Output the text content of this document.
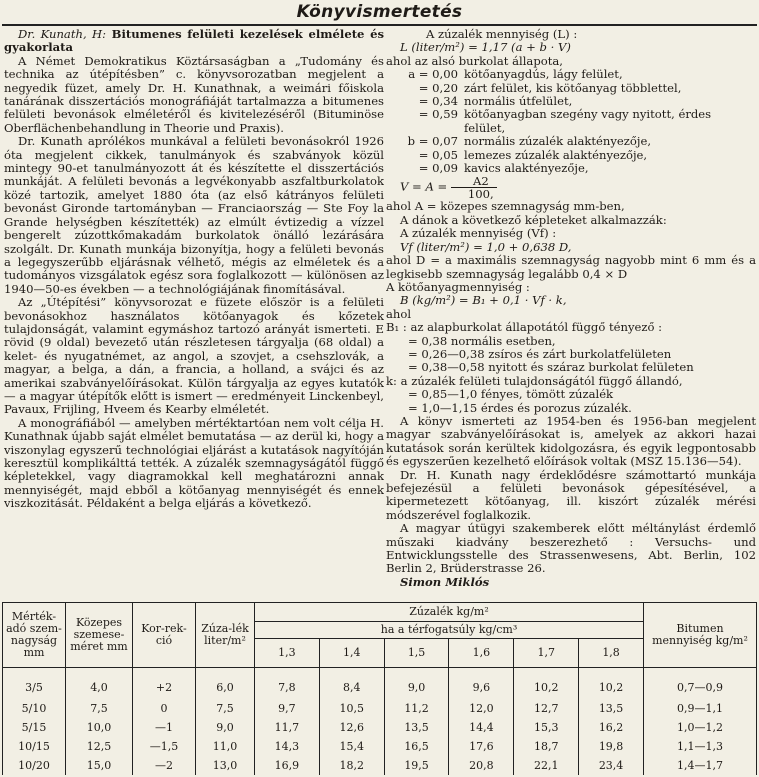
Könyvismertetés

Dr. Kunath, H: Bitumenes felületi kezelések elmélete és gyakorlata

A Német Demokratikus Köztársaságban a „Tudomány és technika az útépítésben” c. könyvsorozatban megjelent a negyedik füzet, amely Dr. H. Kunathnak, a weimári főiskola tanárának disszertációs monográfiáját tartalmazza a bitumenes felületi bevonások elméletéről és kivitelezéséről (Bituminöse Oberflächenbehandlung in Theorie und Praxis).

Dr. Kunath aprólékos munkával a felületi bevonásokról 1926 óta megjelent cikkek, tanulmányok és szabványok közül mintegy 90-et tanulmányozott át és készítette el disszertációs munkáját. A felületi bevonás a legvékonyabb aszfaltburkolatok közé tartozik, amelyet 1880 óta (az első kátrányos felületi bevonást Gironde tartományban — Franciaország — Ste Foy la Grande helységben készítették) az elmúlt évtizedig a vízzel bengerelt zúzottkőmakadám burkolatok önálló lezárására szolgált. Dr. Kunath munkája bizonyítja, hogy a felületi bevonás a legegyszerűbb eljárásnak vélhető, mégis az elméletek és a tudományos vizsgálatok egész sora foglalkozott — különösen az 1940—50-es években — a technológiájának finomításával.

Az „Útépítési” könyvsorozat e füzete először is a felületi bevonásokhoz használatos kötőanyagok és kőzetek tulajdonságát, valamint egymáshoz tartozó arányát ismerteti. E rövid (9 oldal) bevezető után részletesen tárgyalja (68 oldal) a kelet- és nyugatnémet, az angol, a szovjet, a csehszlovák, a magyar, a belga, a dán, a francia, a holland, a svájci és az amerikai szabványelőírásokat. Külön tárgyalja az egyes kutatók — a magyar útépítők előtt is ismert — eredményeit Linckenbeyl, Pavaux, Frijling, Hveem és Kearby elméletét.

A monográfiából — amelyben mértéktartóan nem volt célja H. Kunathnak újabb saját elmélet bemutatása — az derül ki, hogy a viszonylag egyszerű technológiai eljárást a kutatások nagyítóján keresztül komplikálttá tették. A zúzalék szemnagyságától függő képletekkel, vagy diagramokkal kell meghatározni annak mennyiségét, majd ebből a kötőanyag mennyiségét és ennek viszkozitását. Példaként a belga eljárás a következő.

A zúzalék mennyiség (L) :

L (liter/m²) = 1,17 (a + b · V)

ahol az alsó burkolat állapota,

a = 0,00 kötőanyagdús, lágy felület,
= 0,20 zárt felület, kis kötőanyag többlettel,
= 0,34 normális útfelület,
= 0,59 kötőanyagban szegény vagy nyitott, érdes felület,
b = 0,07 normális zúzalék alaktényezője,
= 0,05 lemezes zúzalék alaktényezője,
= 0,09 kavics alaktényezője,

$V = A = \frac{A2}{100,}$

ahol A = közepes szemnagyság mm-ben,

A dánok a következő képleteket alkalmazzák:

A zúzalék mennyiség (Vf) :

Vf (liter/m²) = 1,0 + 0,638 D,

ahol D = a maximális szemnagyság nagyobb mint 6 mm és a legkisebb szemnagyság legalább 0,4 × D

A kötőanyagmennyiség :

B (kg/m²) = B₁ + 0,1 · Vf · k,

ahol

B₁ : az alapburkolat állapotától függő tényező :

= 0,38 normális esetben,
= 0,26—0,38 zsíros és zárt burkolatfelületen
= 0,38—0,58 nyitott és száraz burkolat felületen

k: a zúzalék felületi tulajdonságától függő állandó,

= 0,85—1,0 fényes, tömött zúzalék
= 1,0—1,15 érdes és porozus zúzalék.

A könyv ismerteti az 1954-ben és 1956-ban megjelent magyar szabványelőírásokat is, amelyek az akkori hazai kutatások során kerültek kidolgozásra, és egyik legpontosabb és egyszerűen kezelhető előírások voltak (MSZ 15.136—54).

Dr. H. Kunath nagy érdeklődésre számottartó munkája befejezésül a felületi bevonások gépesítésével, a kipermetezett kötőanyag, ill. kiszórt zúzalék mérési módszerével foglalkozik.

A magyar útügyi szakemberek előtt méltánylást érdemlő műszaki kiadvány beszerezhető : Versuchs- und Entwicklungsstelle des Strassenwesens, Abt. Berlin, 102 Berlin 2, Brüderstrasse 26.

Simon Miklós

Mérték-adó szem-nagyság mm	Közepes szemese-méret mm	Kor-rek-ció	Zúza-lék liter/m²	Zúzalék kg/m²						Bitumen mennyiség kg/m²
				ha a térfogatsúly kg/cm³						
				1,3	1,4	1,5	1,6	1,7	1,8	
3/5	4,0	+2	6,0	7,8	8,4	9,0	9,6	10,2	10,2	0,7—0,9
5/10	7,5	0	7,5	9,7	10,5	11,2	12,0	12,7	13,5	0,9—1,1
5/15	10,0	—1	9,0	11,7	12,6	13,5	14,4	15,3	16,2	1,0—1,2
10/15	12,5	—1,5	11,0	14,3	15,4	16,5	17,6	18,7	19,8	1,1—1,3
10/20	15,0	—2	13,0	16,9	18,2	19,5	20,8	22,1	23,4	1,4—1,7
